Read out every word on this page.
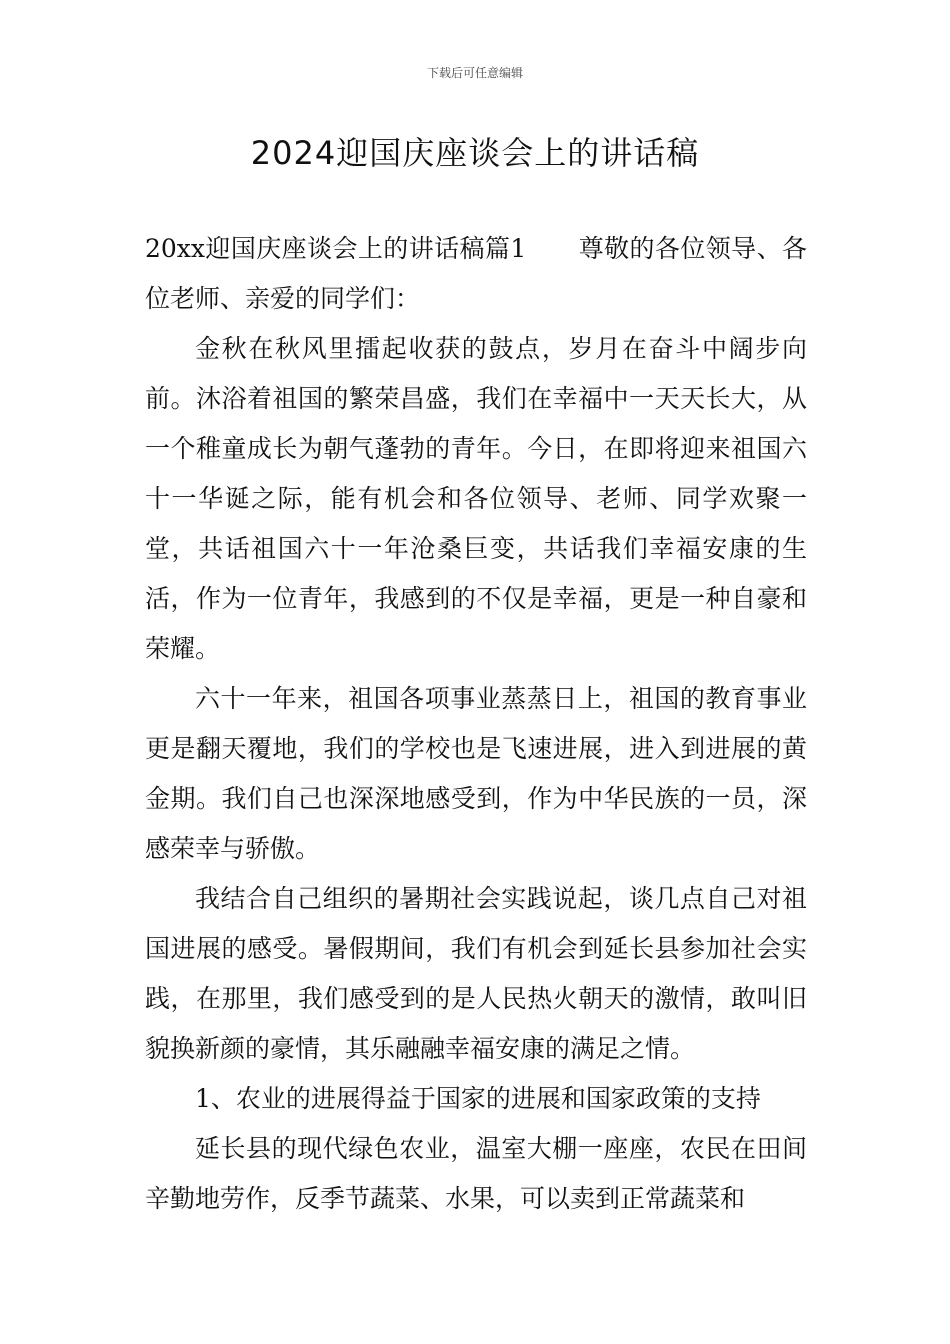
下载后可任意编辑
2024迎国庆座谈会上的讲话稿

20xx迎国庆座谈会上的讲话稿篇1 尊敬的各位领导、各位老师、亲爱的同学们：

金秋在秋风里擂起收获的鼓点，岁月在奋斗中阔步向前。沐浴着祖国的繁荣昌盛，我们在幸福中一天天长大，从一个稚童成长为朝气蓬勃的青年。今日，在即将迎来祖国六十一华诞之际，能有机会和各位领导、老师、同学欢聚一堂，共话祖国六十一年沧桑巨变，共话我们幸福安康的生活，作为一位青年，我感到的不仅是幸福，更是一种自豪和荣耀。

六十一年来，祖国各项事业蒸蒸日上，祖国的教育事业更是翻天覆地，我们的学校也是飞速进展，进入到进展的黄金期。我们自己也深深地感受到，作为中华民族的一员，深感荣幸与骄傲。

我结合自己组织的暑期社会实践说起，谈几点自己对祖国进展的感受。暑假期间，我们有机会到延长县参加社会实践，在那里，我们感受到的是人民热火朝天的激情，敢叫旧貌换新颜的豪情，其乐融融幸福安康的满足之情。

1、农业的进展得益于国家的进展和国家政策的支持

延长县的现代绿色农业，温室大棚一座座，农民在田间辛勤地劳作，反季节蔬菜、水果，可以卖到正常蔬菜和
